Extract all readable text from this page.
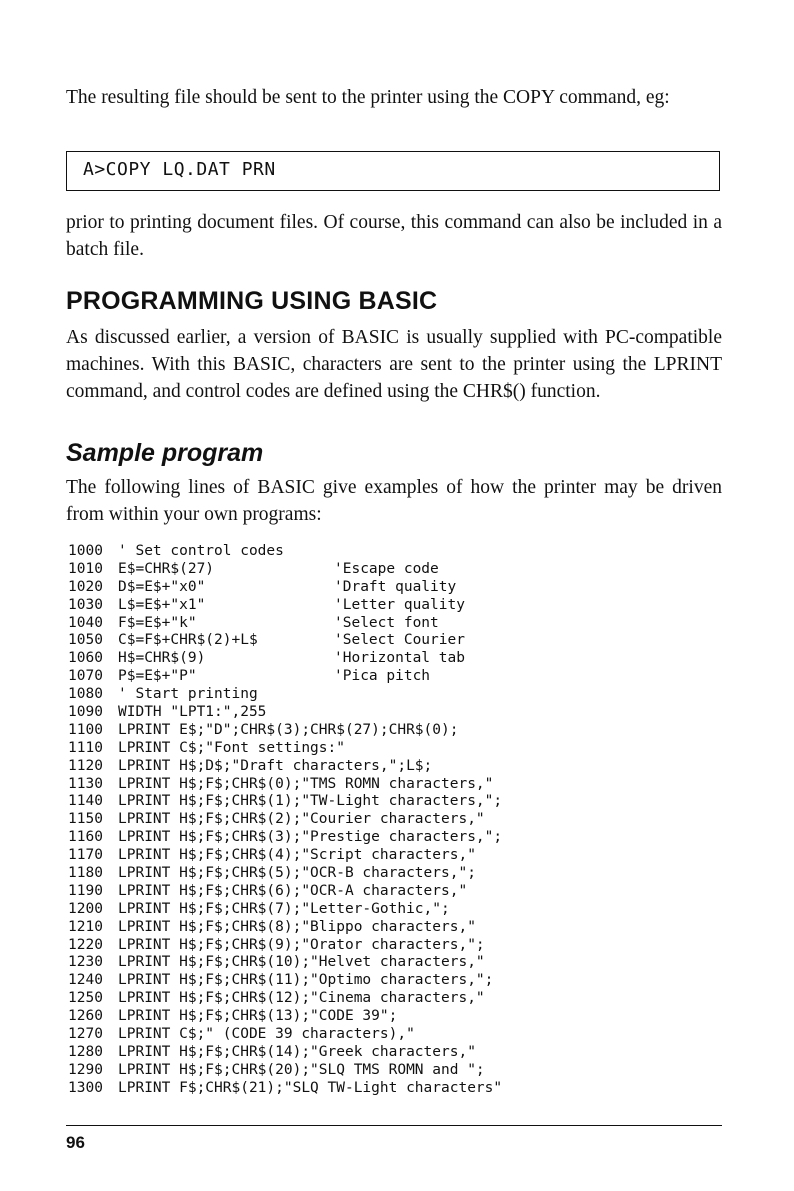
The resulting file should be sent to the printer using the COPY command, eg:

A>COPY LQ.DAT PRN

prior to printing document files. Of course, this command can also be included in a batch file.

PROGRAMMING USING BASIC

As discussed earlier, a version of BASIC is usually supplied with PC-compatible machines. With this BASIC, characters are sent to the printer using the LPRINT command, and control codes are defined using the CHR$() function.

Sample program

The following lines of BASIC give examples of how the printer may be driven from within your own programs:

1000 ' Set control codes
1010 E$=CHR$(27)	'Escape code
1020 D$=E$+"x0"	'Draft quality
1030 L$=E$+"x1"	'Letter quality
1040 F$=E$+"k"	'Select font
1050 C$=F$+CHR$(2)+L$	'Select Courier
1060 H$=CHR$(9)	'Horizontal tab
1070 P$=E$+"P"	'Pica pitch
1080 ' Start printing
1090 WIDTH "LPT1:",255
1100 LPRINT E$;"D";CHR$(3);CHR$(27);CHR$(0);
1110 LPRINT C$;"Font settings:"
1120 LPRINT H$;D$;"Draft characters,";L$;
1130 LPRINT H$;F$;CHR$(0);"TMS ROMN characters,"
1140 LPRINT H$;F$;CHR$(1);"TW-Light characters,";
1150 LPRINT H$;F$;CHR$(2);"Courier characters,"
1160 LPRINT H$;F$;CHR$(3);"Prestige characters,";
1170 LPRINT H$;F$;CHR$(4);"Script characters,"
1180 LPRINT H$;F$;CHR$(5);"OCR-B characters,";
1190 LPRINT H$;F$;CHR$(6);"OCR-A characters,"
1200 LPRINT H$;F$;CHR$(7);"Letter-Gothic,";
1210 LPRINT H$;F$;CHR$(8);"Blippo characters,"
1220 LPRINT H$;F$;CHR$(9);"Orator characters,";
1230 LPRINT H$;F$;CHR$(10);"Helvet characters,"
1240 LPRINT H$;F$;CHR$(11);"Optimo characters,";
1250 LPRINT H$;F$;CHR$(12);"Cinema characters,"
1260 LPRINT H$;F$;CHR$(13);"CODE 39";
1270 LPRINT C$;" (CODE 39 characters),"
1280 LPRINT H$;F$;CHR$(14);"Greek characters,"
1290 LPRINT H$;F$;CHR$(20);"SLQ TMS ROMN and ";
1300 LPRINT F$;CHR$(21);"SLQ TW-Light characters"
96
